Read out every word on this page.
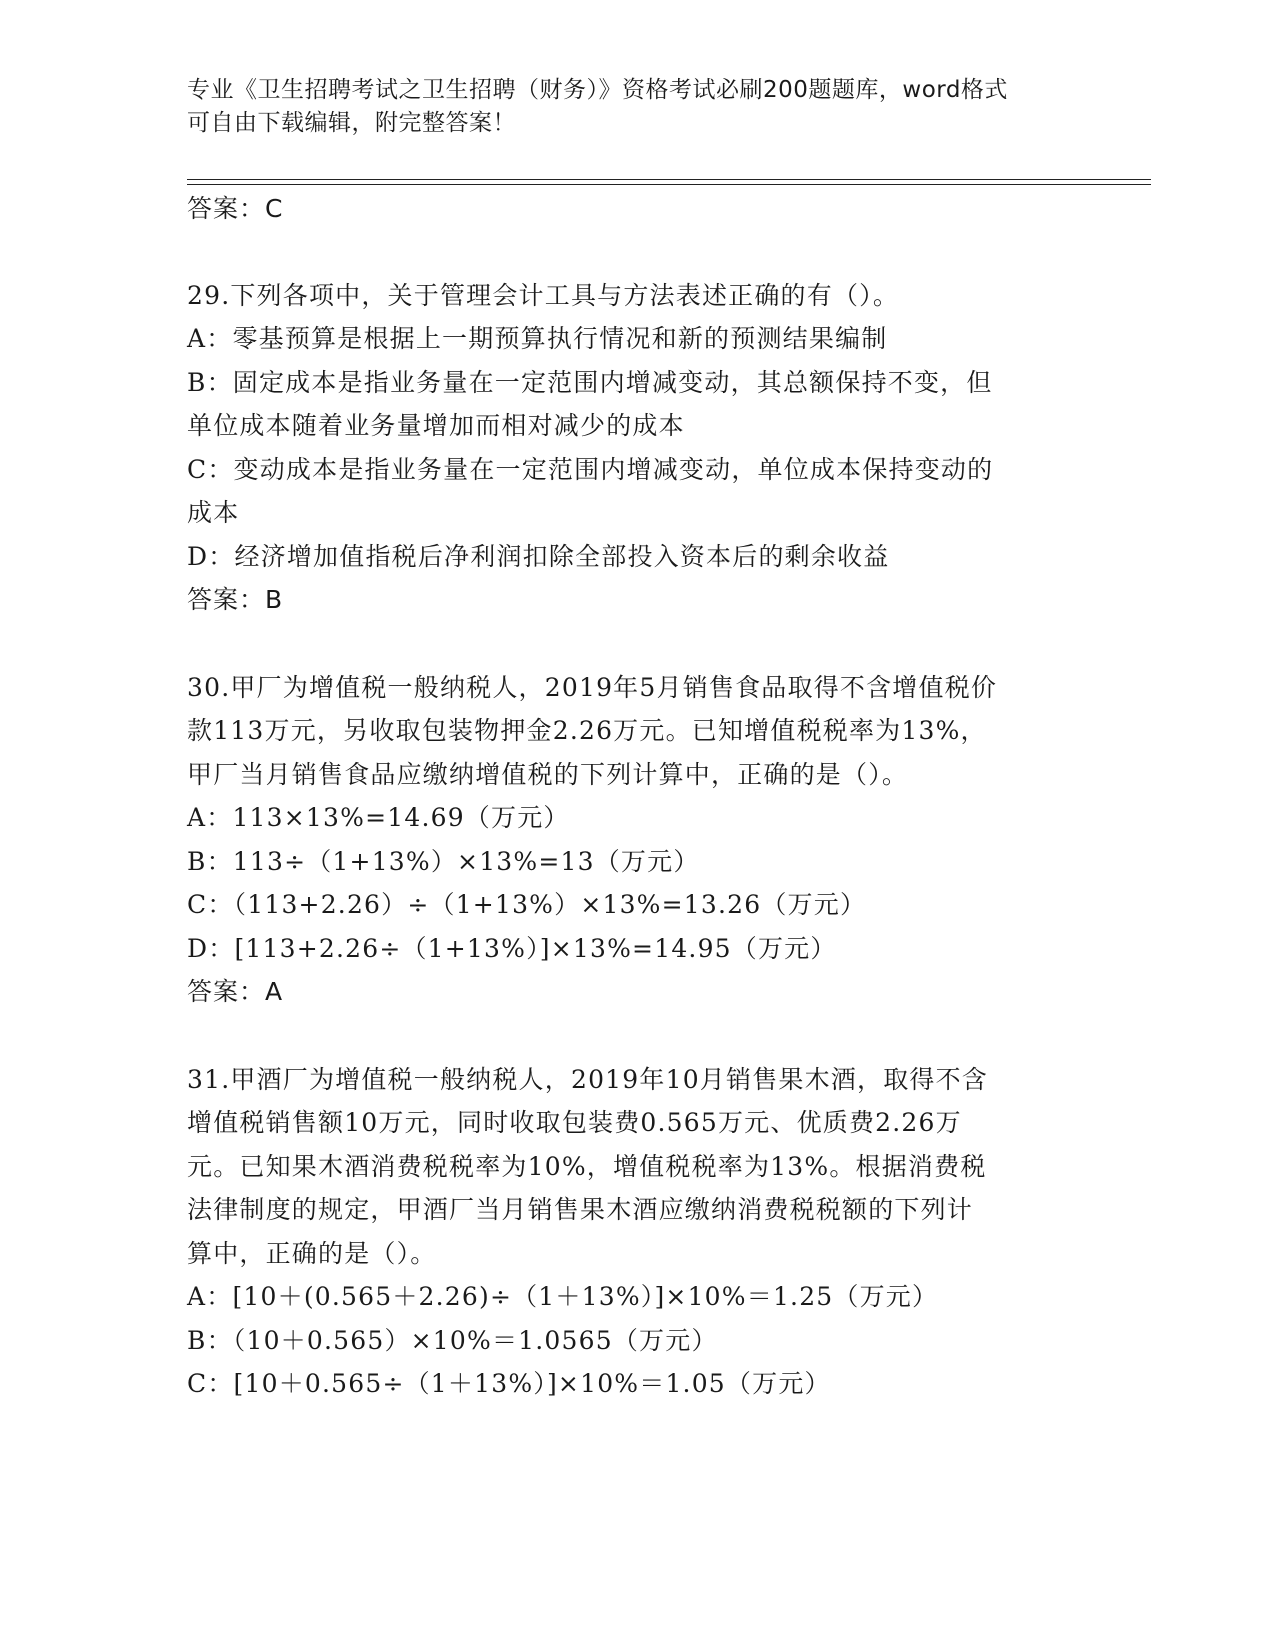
专业《卫生招聘考试之卫生招聘（财务）》资格考试必刷200题题库，word格式
可自由下载编辑，附完整答案！
答案：C
29.下列各项中，关于管理会计工具与方法表述正确的有（）。
A：零基预算是根据上一期预算执行情况和新的预测结果编制
B：固定成本是指业务量在一定范围内增减变动，其总额保持不变，但
单位成本随着业务量增加而相对减少的成本
C：变动成本是指业务量在一定范围内增减变动，单位成本保持变动的
成本
D：经济增加值指税后净利润扣除全部投入资本后的剩余收益
答案：B
30.甲厂为增值税一般纳税人，2019年5月销售食品取得不含增值税价
款113万元，另收取包装物押金2.26万元。已知增值税税率为13%，
甲厂当月销售食品应缴纳增值税的下列计算中，正确的是（）。
A：113×13%=14.69（万元）
B：113÷（1+13%）×13%=13（万元）
C：（113+2.26）÷（1+13%）×13%=13.26（万元）
D：[113+2.26÷（1+13%）]×13%=14.95（万元）
答案：A
31.甲酒厂为增值税一般纳税人，2019年10月销售果木酒，取得不含
增值税销售额10万元，同时收取包装费0.565万元、优质费2.26万
元。已知果木酒消费税税率为10%，增值税税率为13%。根据消费税
法律制度的规定，甲酒厂当月销售果木酒应缴纳消费税税额的下列计
算中，正确的是（）。
A：[10＋(0.565＋2.26)÷（1＋13%）]×10%＝1.25（万元）
B：（10＋0.565）×10%＝1.0565（万元）
C：[10＋0.565÷（1＋13%）]×10%＝1.05（万元）
